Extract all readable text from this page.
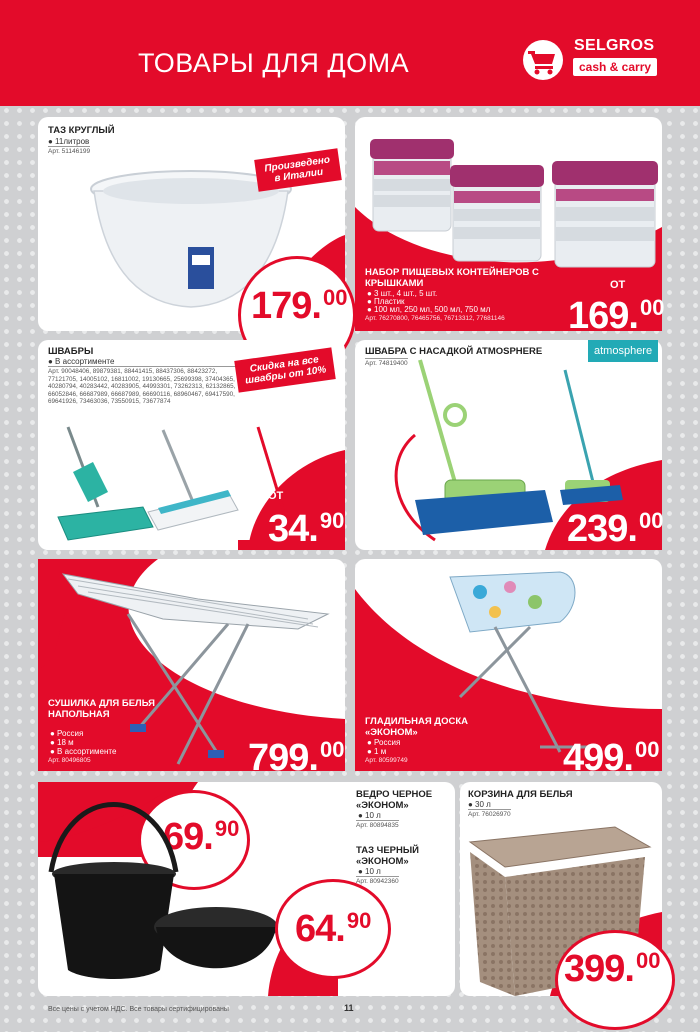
ТОВАРЫ ДЛЯ ДОМА
SELGROS
cash & carry
ТАЗ КРУГЛЫЙ
● 11литров
Арт. 51146199
Произведено в Италии
179.00
НАБОР ПИЩЕВЫХ КОНТЕЙНЕРОВ С КРЫШКАМИ
● 3 шт., 4 шт., 5 шт.
● Пластик
● 100 мл, 250 мл, 500 мл, 750 мл
Арт. 76270800, 76465756, 76713312, 77681146
ОТ
169.00
ШВАБРЫ
● В ассортименте
Арт. 90048406, 89879381, 88441415, 88437306, 88423272, 77121705, 14005102, 16811002, 19130665, 25699398, 37404365, 40280794, 40283442, 40283905, 44993301, 73262313, 62132865, 66052846, 66687989, 66687989, 66690116, 68960467, 69417590, 69641926, 73463036, 73550915, 73677874
Скидка на все швабры от 10%
ОТ
34.90
ШВАБРА С НАСАДКОЙ ATMOSPHERE
Арт. 74819400
atmosphere
239.00
СУШИЛКА ДЛЯ БЕЛЬЯ НАПОЛЬНАЯ
● Россия
● 18 м
● В ассортименте
Арт. 80496805	799.00
ГЛАДИЛЬНАЯ ДОСКА «ЭКОНОМ»
● Россия
● 1 м
Арт. 80599749	499.00
69.90
64.90
ВЕДРО ЧЕРНОЕ «ЭКОНОМ»
● 10 л
Арт. 80894835
ТАЗ ЧЕРНЫЙ «ЭКОНОМ»
● 10 л
Арт. 80942360
КОРЗИНА ДЛЯ БЕЛЬЯ
● 30 л
Арт. 76026970
399.00
Все цены с учетом НДС. Все товары сертифицированы	11
